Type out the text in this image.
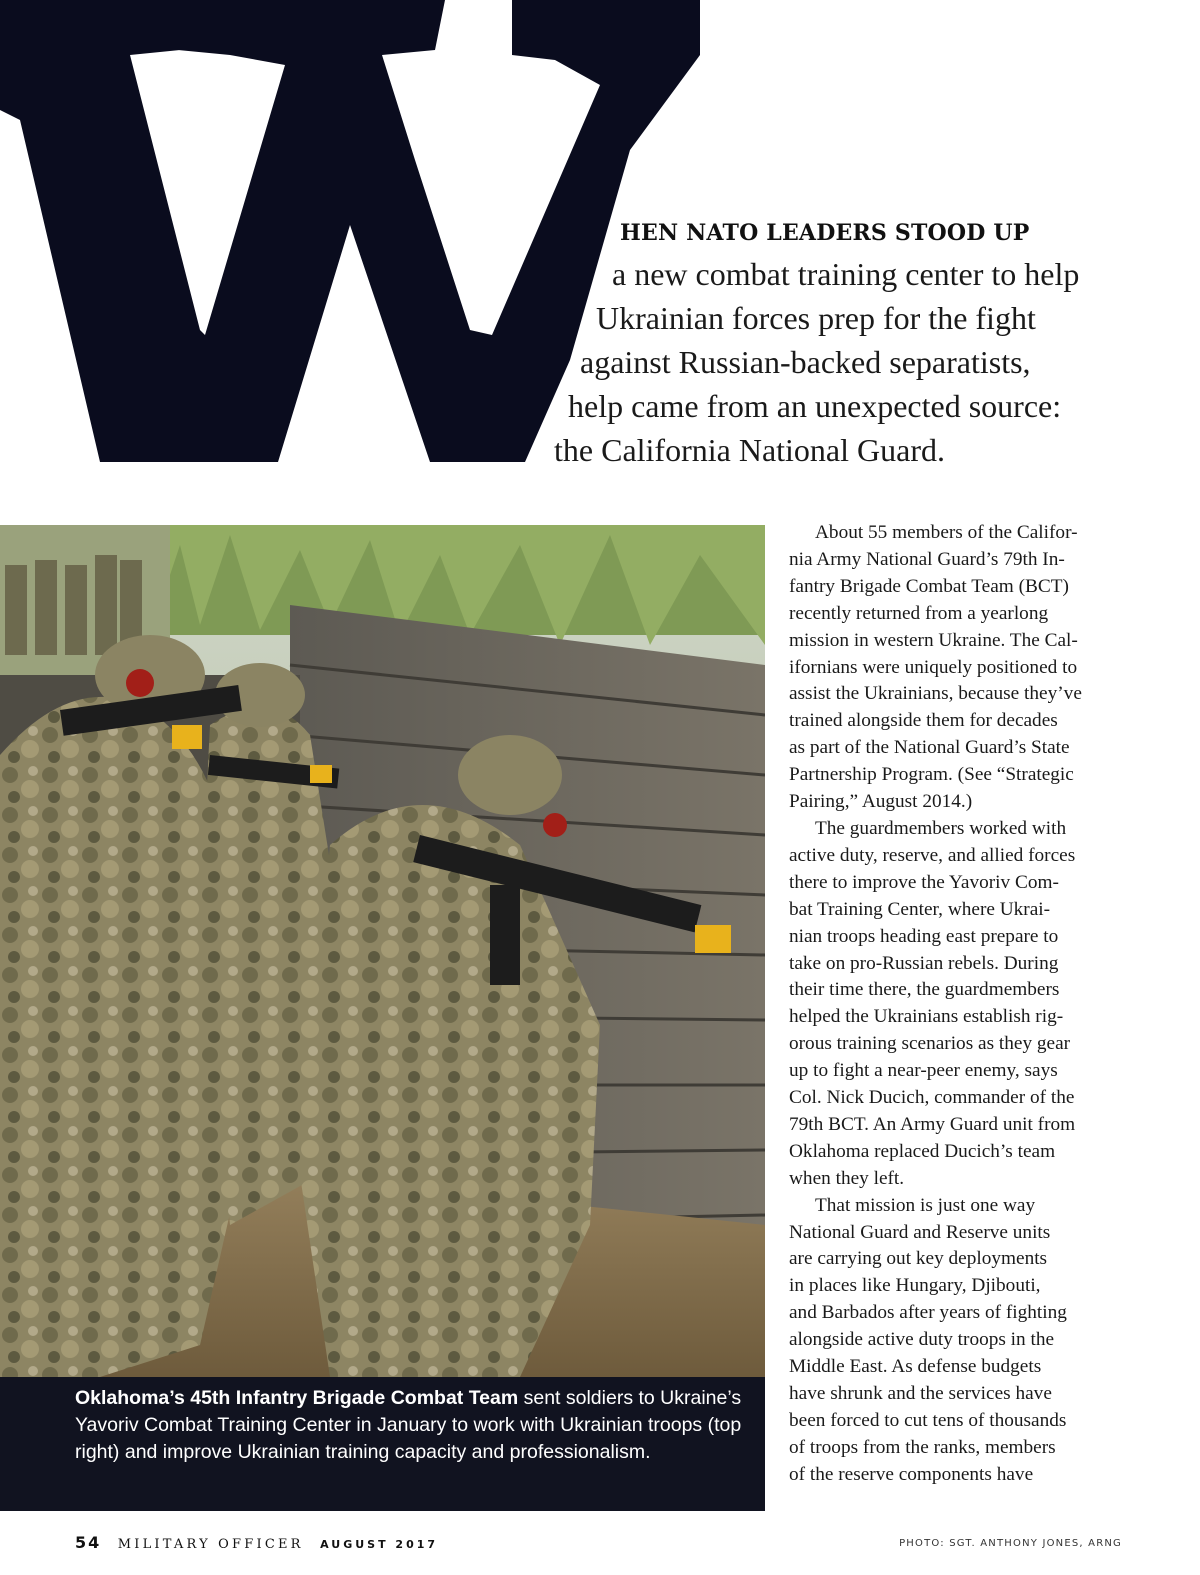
HEN NATO LEADERS STOOD UP
a new combat training center to help
Ukrainian forces prep for the fight
against Russian-backed separatists,
help came from an unexpected source:
the California National Guard.
Oklahoma’s 45th Infantry Brigade Combat Team sent soldiers to Ukraine’s Yavoriv Combat Training Center in January to work with Ukrainian troops (top right) and improve Ukrainian training capacity and professionalism.

About 55 members of the Califor-
nia Army National Guard’s 79th In-
fantry Brigade Combat Team (BCT)
recently returned from a yearlong
mission in western Ukraine. The Cal-
ifornians were uniquely positioned to
assist the Ukrainians, because they’ve
trained alongside them for decades
as part of the National Guard’s State
Partnership Program. (See “Strategic
Pairing,” August 2014.)

The guardmembers worked with
active duty, reserve, and allied forces
there to improve the Yavoriv Com-
bat Training Center, where Ukrai-
nian troops heading east prepare to
take on pro-Russian rebels. During
their time there, the guardmembers
helped the Ukrainians establish rig-
orous training scenarios as they gear
up to fight a near-peer enemy, says
Col. Nick Ducich, commander of the
79th BCT. An Army Guard unit from
Oklahoma replaced Ducich’s team
when they left.

That mission is just one way
National Guard and Reserve units
are carrying out key deployments
in places like Hungary, Djibouti,
and Barbados after years of fighting
alongside active duty troops in the
Middle East. As defense budgets
have shrunk and the services have
been forced to cut tens of thousands
of troops from the ranks, members
of the reserve components have

54 MILITARY OFFICER AUGUST 2017	PHOTO: SGT. ANTHONY JONES, ARNG
